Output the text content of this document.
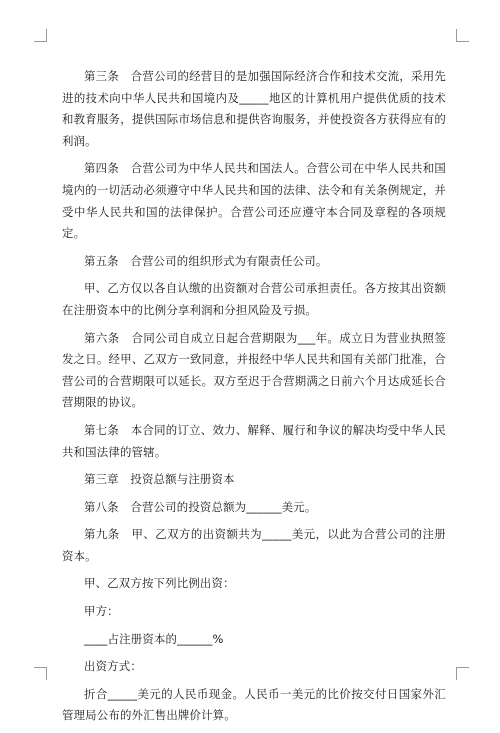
第三条　合营公司的经营目的是加强国际经济合作和技术交流，采用先进的技术向中华人民共和国境内及_____地区的计算机用户提供优质的技术和教育服务，提供国际市场信息和提供咨询服务，并使投资各方获得应有的利润。

第四条　合营公司为中华人民共和国法人。合营公司在中华人民共和国境内的一切活动必须遵守中华人民共和国的法律、法令和有关条例规定，并受中华人民共和国的法律保护。合营公司还应遵守本合同及章程的各项规定。

第五条　合营公司的组织形式为有限责任公司。

甲、乙方仅以各自认缴的出资额对合营公司承担责任。各方按其出资额在注册资本中的比例分享利润和分担风险及亏损。

第六条　合同公司自成立日起合营期限为___年。成立日为营业执照签发之日。经甲、乙双方一致同意，并报经中华人民共和国有关部门批准，合营公司的合营期限可以延长。双方至迟于合营期满之日前六个月达成延长合营期限的协议。

第七条　本合同的订立、效力、解释、履行和争议的解决均受中华人民共和国法律的管辖。

第三章　投资总额与注册资本

第八条　合营公司的投资总额为______美元。

第九条　甲、乙双方的出资额共为_____美元，以此为合营公司的注册资本。

甲、乙双方按下列比例出资：

甲方：

____占注册资本的______%

出资方式：

折合_____美元的人民币现金。人民币一美元的比价按交付日国家外汇管理局公布的外汇售出牌价计算。
